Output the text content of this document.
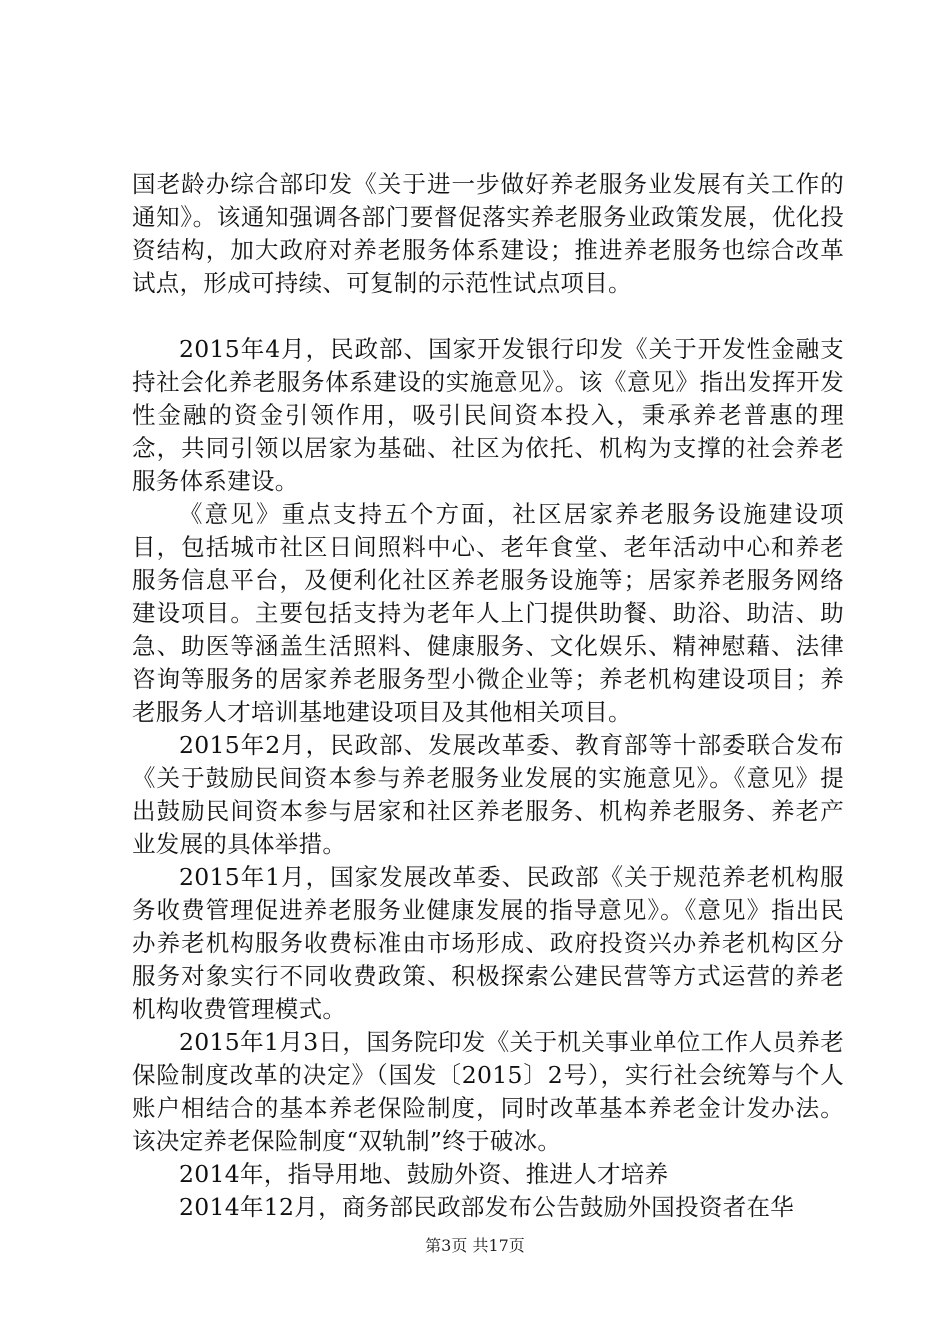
国老龄办综合部印发《关于进一步做好养老服务业发展有关工作的通知》。该通知强调各部门要督促落实养老服务业政策发展，优化投资结构，加大政府对养老服务体系建设；推进养老服务也综合改革试点，形成可持续、可复制的示范性试点项目。

2015年4月，民政部、国家开发银行印发《关于开发性金融支持社会化养老服务体系建设的实施意见》。该《意见》指出发挥开发性金融的资金引领作用，吸引民间资本投入，秉承养老普惠的理念，共同引领以居家为基础、社区为依托、机构为支撑的社会养老服务体系建设。

《意见》重点支持五个方面，社区居家养老服务设施建设项目，包括城市社区日间照料中心、老年食堂、老年活动中心和养老服务信息平台，及便利化社区养老服务设施等；居家养老服务网络建设项目。主要包括支持为老年人上门提供助餐、助浴、助洁、助急、助医等涵盖生活照料、健康服务、文化娱乐、精神慰藉、法律咨询等服务的居家养老服务型小微企业等；养老机构建设项目；养老服务人才培训基地建设项目及其他相关项目。

2015年2月，民政部、发展改革委、教育部等十部委联合发布《关于鼓励民间资本参与养老服务业发展的实施意见》。《意见》提出鼓励民间资本参与居家和社区养老服务、机构养老服务、养老产业发展的具体举措。

2015年1月，国家发展改革委、民政部《关于规范养老机构服务收费管理促进养老服务业健康发展的指导意见》。《意见》指出民办养老机构服务收费标准由市场形成、政府投资兴办养老机构区分服务对象实行不同收费政策、积极探索公建民营等方式运营的养老机构收费管理模式。

2015年1月3日，国务院印发《关于机关事业单位工作人员养老保险制度改革的决定》（国发〔2015〕2号），实行社会统筹与个人账户相结合的基本养老保险制度，同时改革基本养老金计发办法。该决定养老保险制度“双轨制”终于破冰。

2014年，指导用地、鼓励外资、推进人才培养

2014年12月，商务部民政部发布公告鼓励外国投资者在华

第3页 共17页
